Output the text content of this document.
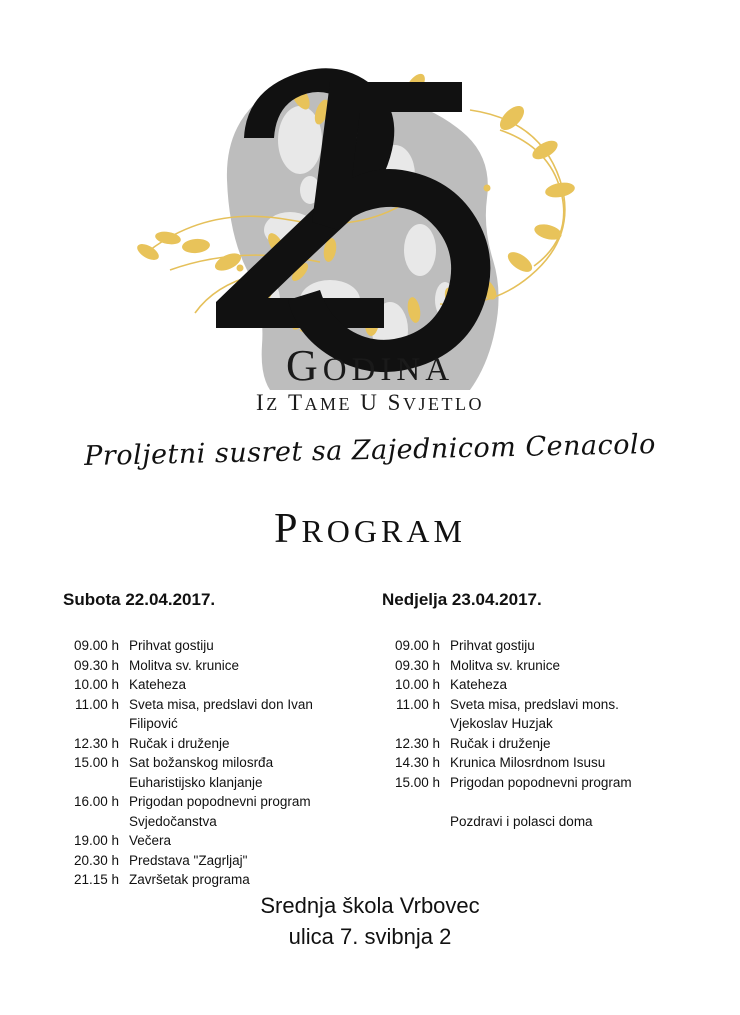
GODINA
IZ TAME U SVJETLO
Proljetni susret sa Zajednicom Cenacolo
PROGRAM
Subota 22.04.2017.
09.00 h Prihvat gostiju
09.30 h Molitva sv. krunice
10.00 h Kateheza
11.00 h Sveta misa, predslavi don Ivan Filipović
12.30 h Ručak i druženje
15.00 h Sat božanskog milosrđa
Euharistijsko klanjanje
16.00 h Prigodan popodnevni program
Svjedočanstva
19.00 h Večera
20.30 h Predstava "Zagrljaj"
21.15 h Završetak programa
Nedjelja 23.04.2017.
09.00 h Prihvat gostiju
09.30 h Molitva sv. krunice
10.00 h Kateheza
11.00 h Sveta misa, predslavi mons.
Vjekoslav Huzjak
12.30 h Ručak i druženje
14.30 h Krunica Milosrdnom Isusu
15.00 h Prigodan popodnevni program
Pozdravi i polasci doma
Srednja škola Vrbovec
ulica 7. svibnja 2
